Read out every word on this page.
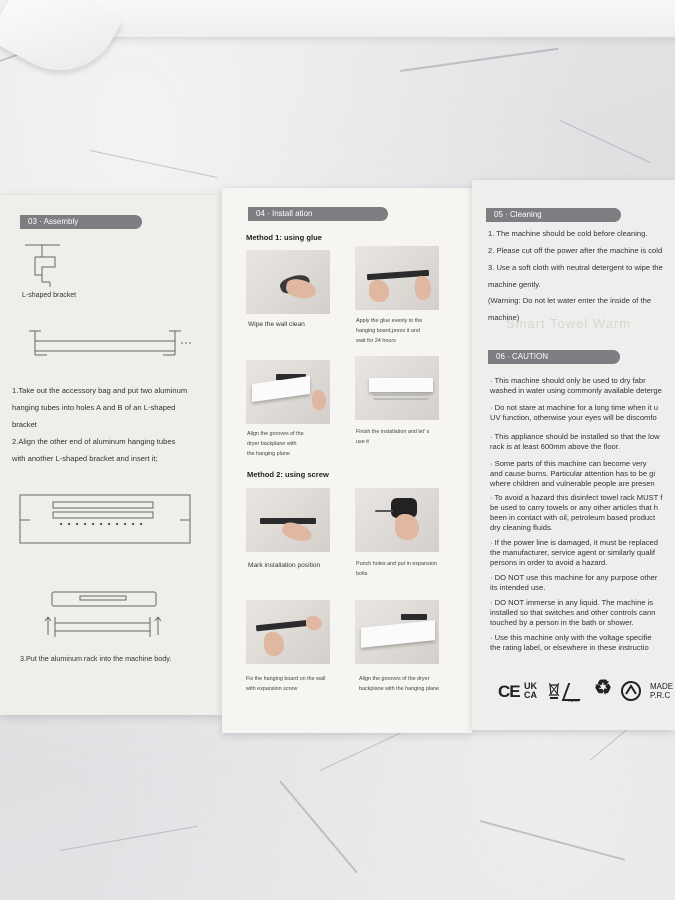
03 · Assembly
L-shaped bracket
1.Take out the accessory bag and put two aluminum
hanging tubes into holes A and B of an L-shaped
bracket
2.Align the other end of aluminum hanging tubes
with another L-shaped bracket and insert it;
3.Put the aluminum rack into the machine body.
04 · Install ation
Method 1: using glue
Wipe the wall clean	Apply the glue evenly to the
hanging board,press it and
wait for 24 hours
Align the grooves of the
dryer backplane with
the hanging plane
Finish the installation and let' s
use it
Method 2: using screw
Mark installation position	Punch holes and put in expansion
bolts
Fix the hanging board on the wall
with expansion screw
Align the grooves of the dryer
backplane with the hanging plane
05 · Cleaning
Smart Towel Warm
1. The machine should be cold before cleaning.
2. Please cut off the power after the machine is cold
3. Use a soft cloth with neutral detergent to wipe the
machine gently.
(Warning: Do not let water enter the inside of the
machine)
06 · CAUTION
· This machine should only be used to dry fabr
washed in water using commonly available deterge
· Do not stare at machine for a long time when it u
UV function, otherwise your eyes will be discomfo
· This appliance should be installed so that the low
rack is at least 600mm above the floor.
· Some parts of this machine can become very
and cause burns. Particular attention has to be gi
where children and vulnerable people are presen
· To avoid a hazard this disinfect towel rack MUST f
be used to carry towels or any other articles that h
been in contact with oil, petroleum based product
dry cleaning fluids.
· If the power line is damaged, it must be replaced
the manufacturer, service agent or similarly qualif
persons in order to avoid a hazard.
· DO NOT use this machine for any purpose other
its intended use.
· DO NOT immerse in any liquid. The machine is
installed so that switches and other controls cann
touched by a person in the bath or shower.
· Use this machine only with the voltage specifie
the rating label, or elsewhere in these instructio
CE UK
CA
RoHS
♻ ○ MADE
P.R.C
